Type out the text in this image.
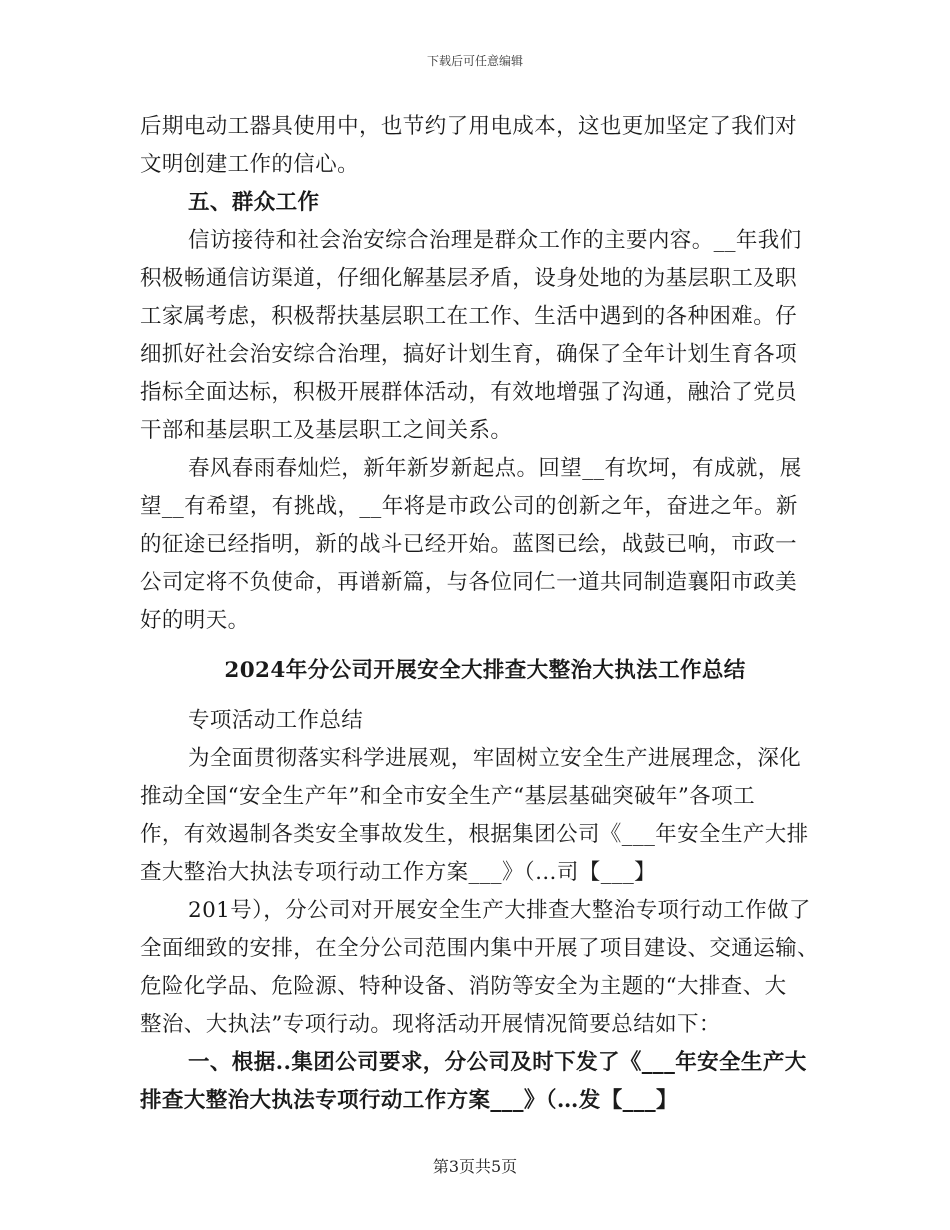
下载后可任意编辑
后期电动工器具使用中，也节约了用电成本，这也更加坚定了我们对
文明创建工作的信心。
五、群众工作
信访接待和社会治安综合治理是群众工作的主要内容。__年我们
积极畅通信访渠道，仔细化解基层矛盾，设身处地的为基层职工及职
工家属考虑，积极帮扶基层职工在工作、生活中遇到的各种困难。仔
细抓好社会治安综合治理，搞好计划生育，确保了全年计划生育各项
指标全面达标，积极开展群体活动，有效地增强了沟通，融洽了党员
干部和基层职工及基层职工之间关系。
春风春雨春灿烂，新年新岁新起点。回望__有坎坷，有成就，展
望__有希望，有挑战，__年将是市政公司的创新之年，奋进之年。新
的征途已经指明，新的战斗已经开始。蓝图已绘，战鼓已响，市政一
公司定将不负使命，再谱新篇，与各位同仁一道共同制造襄阳市政美
好的明天。
2024年分公司开展安全大排查大整治大执法工作总结
专项活动工作总结
为全面贯彻落实科学进展观，牢固树立安全生产进展理念，深化
推动全国“安全生产年”和全市安全生产“基层基础突破年”各项工
作，有效遏制各类安全事故发生，根据集团公司《___年安全生产大排
查大整治大执法专项行动工作方案___》（…司【___】
201号），分公司对开展安全生产大排查大整治专项行动工作做了
全面细致的安排，在全分公司范围内集中开展了项目建设、交通运输、
危险化学品、危险源、特种设备、消防等安全为主题的“大排查、大
整治、大执法”专项行动。现将活动开展情况简要总结如下：
一、根据..集团公司要求，分公司及时下发了《___年安全生产大
排查大整治大执法专项行动工作方案___》（…发【___】
第3页共5页
